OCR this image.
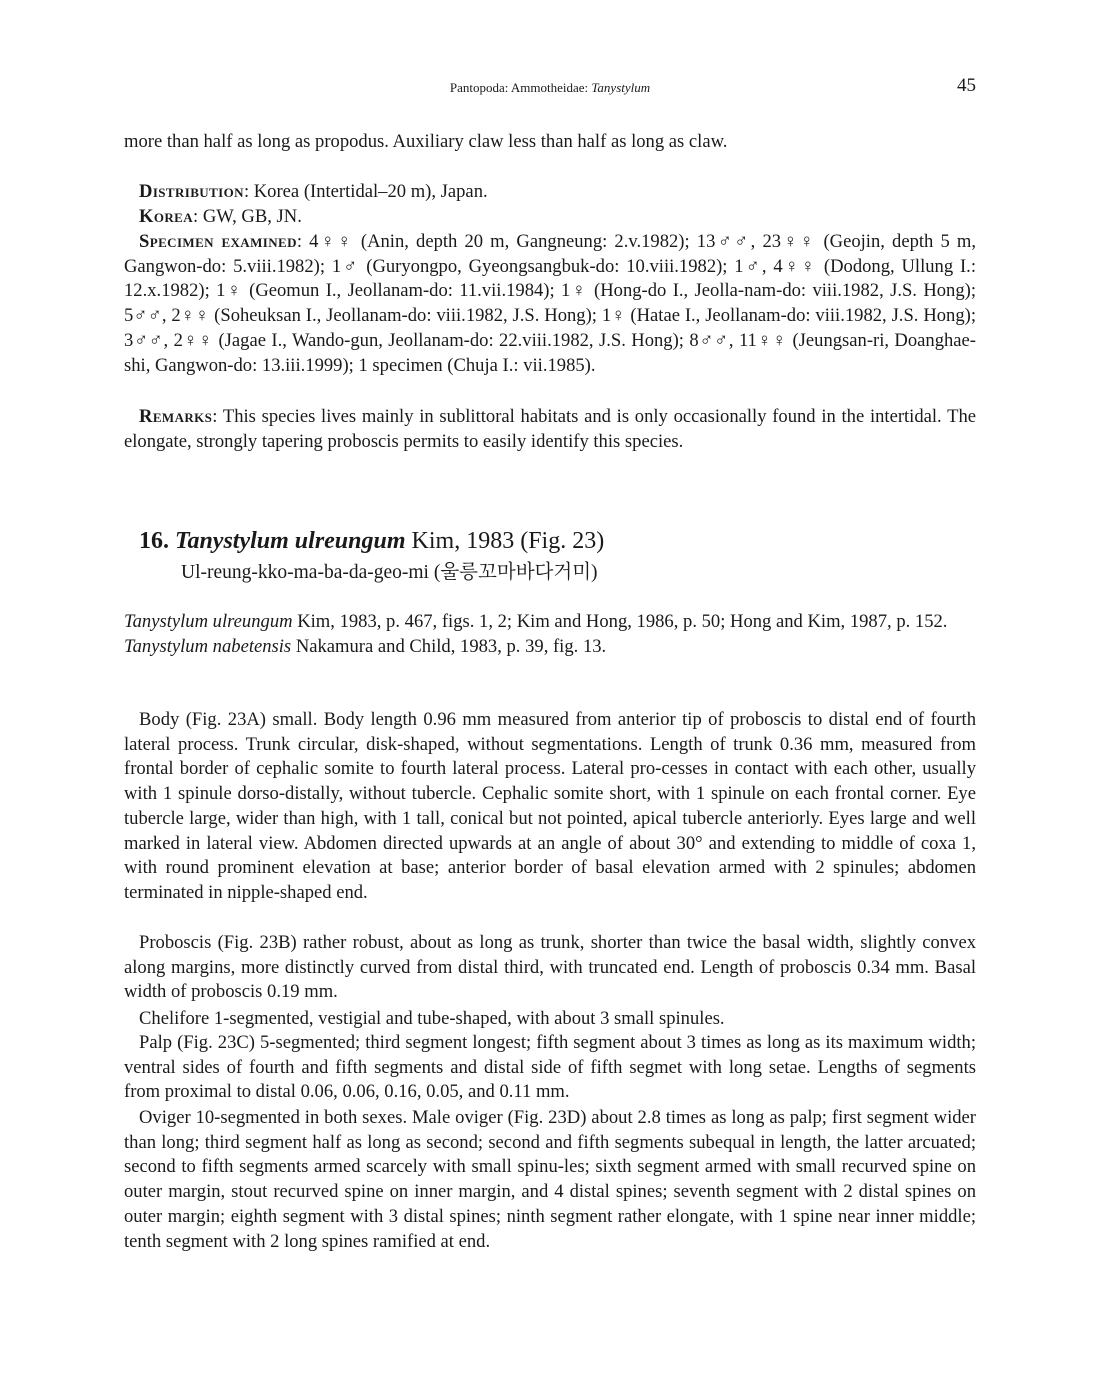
Pantopoda: Ammotheidae: Tanystylum	45

more than half as long as propodus. Auxiliary claw less than half as long as claw.

Distribution: Korea (Intertidal–20 m), Japan.

Korea: GW, GB, JN.

Specimen examined: 4♀♀ (Anin, depth 20 m, Gangneung: 2.v.1982); 13♂♂, 23♀♀ (Geojin, depth 5 m, Gangwon-do: 5.viii.1982); 1♂ (Guryongpo, Gyeongsangbuk-do: 10.viii.1982); 1♂, 4♀♀ (Dodong, Ullung I.: 12.x.1982); 1♀ (Geomun I., Jeollanam-do: 11.vii.1984); 1♀ (Hong-do I., Jeolla-nam-do: viii.1982, J.S. Hong); 5♂♂, 2♀♀ (Soheuksan I., Jeollanam-do: viii.1982, J.S. Hong); 1♀ (Hatae I., Jeollanam-do: viii.1982, J.S. Hong); 3♂♂, 2♀♀ (Jagae I., Wando-gun, Jeollanam-do: 22.viii.1982, J.S. Hong); 8♂♂, 11♀♀ (Jeungsan-ri, Doanghae-shi, Gangwon-do: 13.iii.1999); 1 specimen (Chuja I.: vii.1985).

Remarks: This species lives mainly in sublittoral habitats and is only occasionally found in the intertidal. The elongate, strongly tapering proboscis permits to easily identify this species.

16. Tanystylum ulreungum Kim, 1983 (Fig. 23)
Ul-reung-kko-ma-ba-da-geo-mi (울릉꼬마바다거미)

Tanystylum ulreungum Kim, 1983, p. 467, figs. 1, 2; Kim and Hong, 1986, p. 50; Hong and Kim, 1987, p. 152.

Tanystylum nabetensis Nakamura and Child, 1983, p. 39, fig. 13.

Body (Fig. 23A) small. Body length 0.96 mm measured from anterior tip of proboscis to distal end of fourth lateral process. Trunk circular, disk-shaped, without segmentations. Length of trunk 0.36 mm, measured from frontal border of cephalic somite to fourth lateral process. Lateral pro-cesses in contact with each other, usually with 1 spinule dorso-distally, without tubercle. Cephalic somite short, with 1 spinule on each frontal corner. Eye tubercle large, wider than high, with 1 tall, conical but not pointed, apical tubercle anteriorly. Eyes large and well marked in lateral view. Abdomen directed upwards at an angle of about 30° and extending to middle of coxa 1, with round prominent elevation at base; anterior border of basal elevation armed with 2 spinules; abdomen terminated in nipple-shaped end.

Proboscis (Fig. 23B) rather robust, about as long as trunk, shorter than twice the basal width, slightly convex along margins, more distinctly curved from distal third, with truncated end. Length of proboscis 0.34 mm. Basal width of proboscis 0.19 mm.

Chelifore 1-segmented, vestigial and tube-shaped, with about 3 small spinules.

Palp (Fig. 23C) 5-segmented; third segment longest; fifth segment about 3 times as long as its maximum width; ventral sides of fourth and fifth segments and distal side of fifth segmet with long setae. Lengths of segments from proximal to distal 0.06, 0.06, 0.16, 0.05, and 0.11 mm.

Oviger 10-segmented in both sexes. Male oviger (Fig. 23D) about 2.8 times as long as palp; first segment wider than long; third segment half as long as second; second and fifth segments subequal in length, the latter arcuated; second to fifth segments armed scarcely with small spinu-les; sixth segment armed with small recurved spine on outer margin, stout recurved spine on inner margin, and 4 distal spines; seventh segment with 2 distal spines on outer margin; eighth segment with 3 distal spines; ninth segment rather elongate, with 1 spine near inner middle; tenth segment with 2 long spines ramified at end.
